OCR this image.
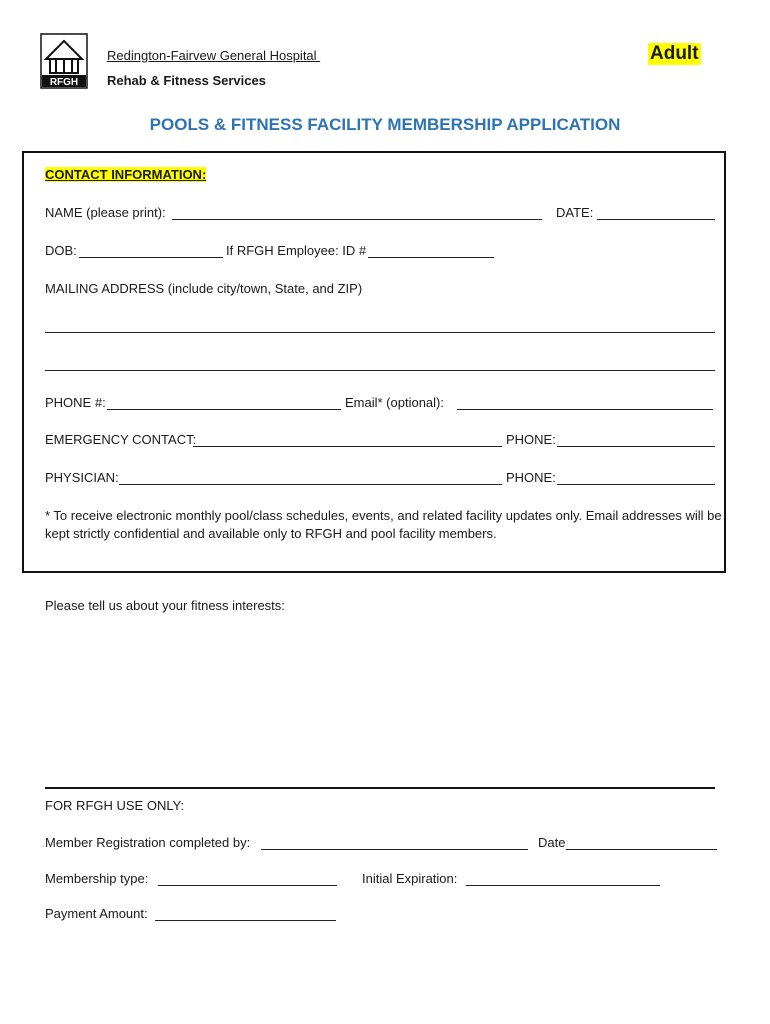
RFGH
Redington-Fairvew General Hospital
Rehab & Fitness Services
Adult
POOLS & FITNESS FACILITY MEMBERSHIP APPLICATION
CONTACT INFORMATION:
NAME (please print):	DATE:
DOB:	If RFGH Employee: ID #
MAILING ADDRESS (include city/town, State, and ZIP)
PHONE #:	Email* (optional):
EMERGENCY CONTACT:	PHONE:
PHYSICIAN:	PHONE:
* To receive electronic monthly pool/class schedules, events, and related facility updates only. Email addresses will be kept strictly confidential and available only to RFGH and pool facility members.
Please tell us about your fitness interests:
FOR RFGH USE ONLY:
Member Registration completed by:	Date
Membership type:	Initial Expiration:
Payment Amount:
